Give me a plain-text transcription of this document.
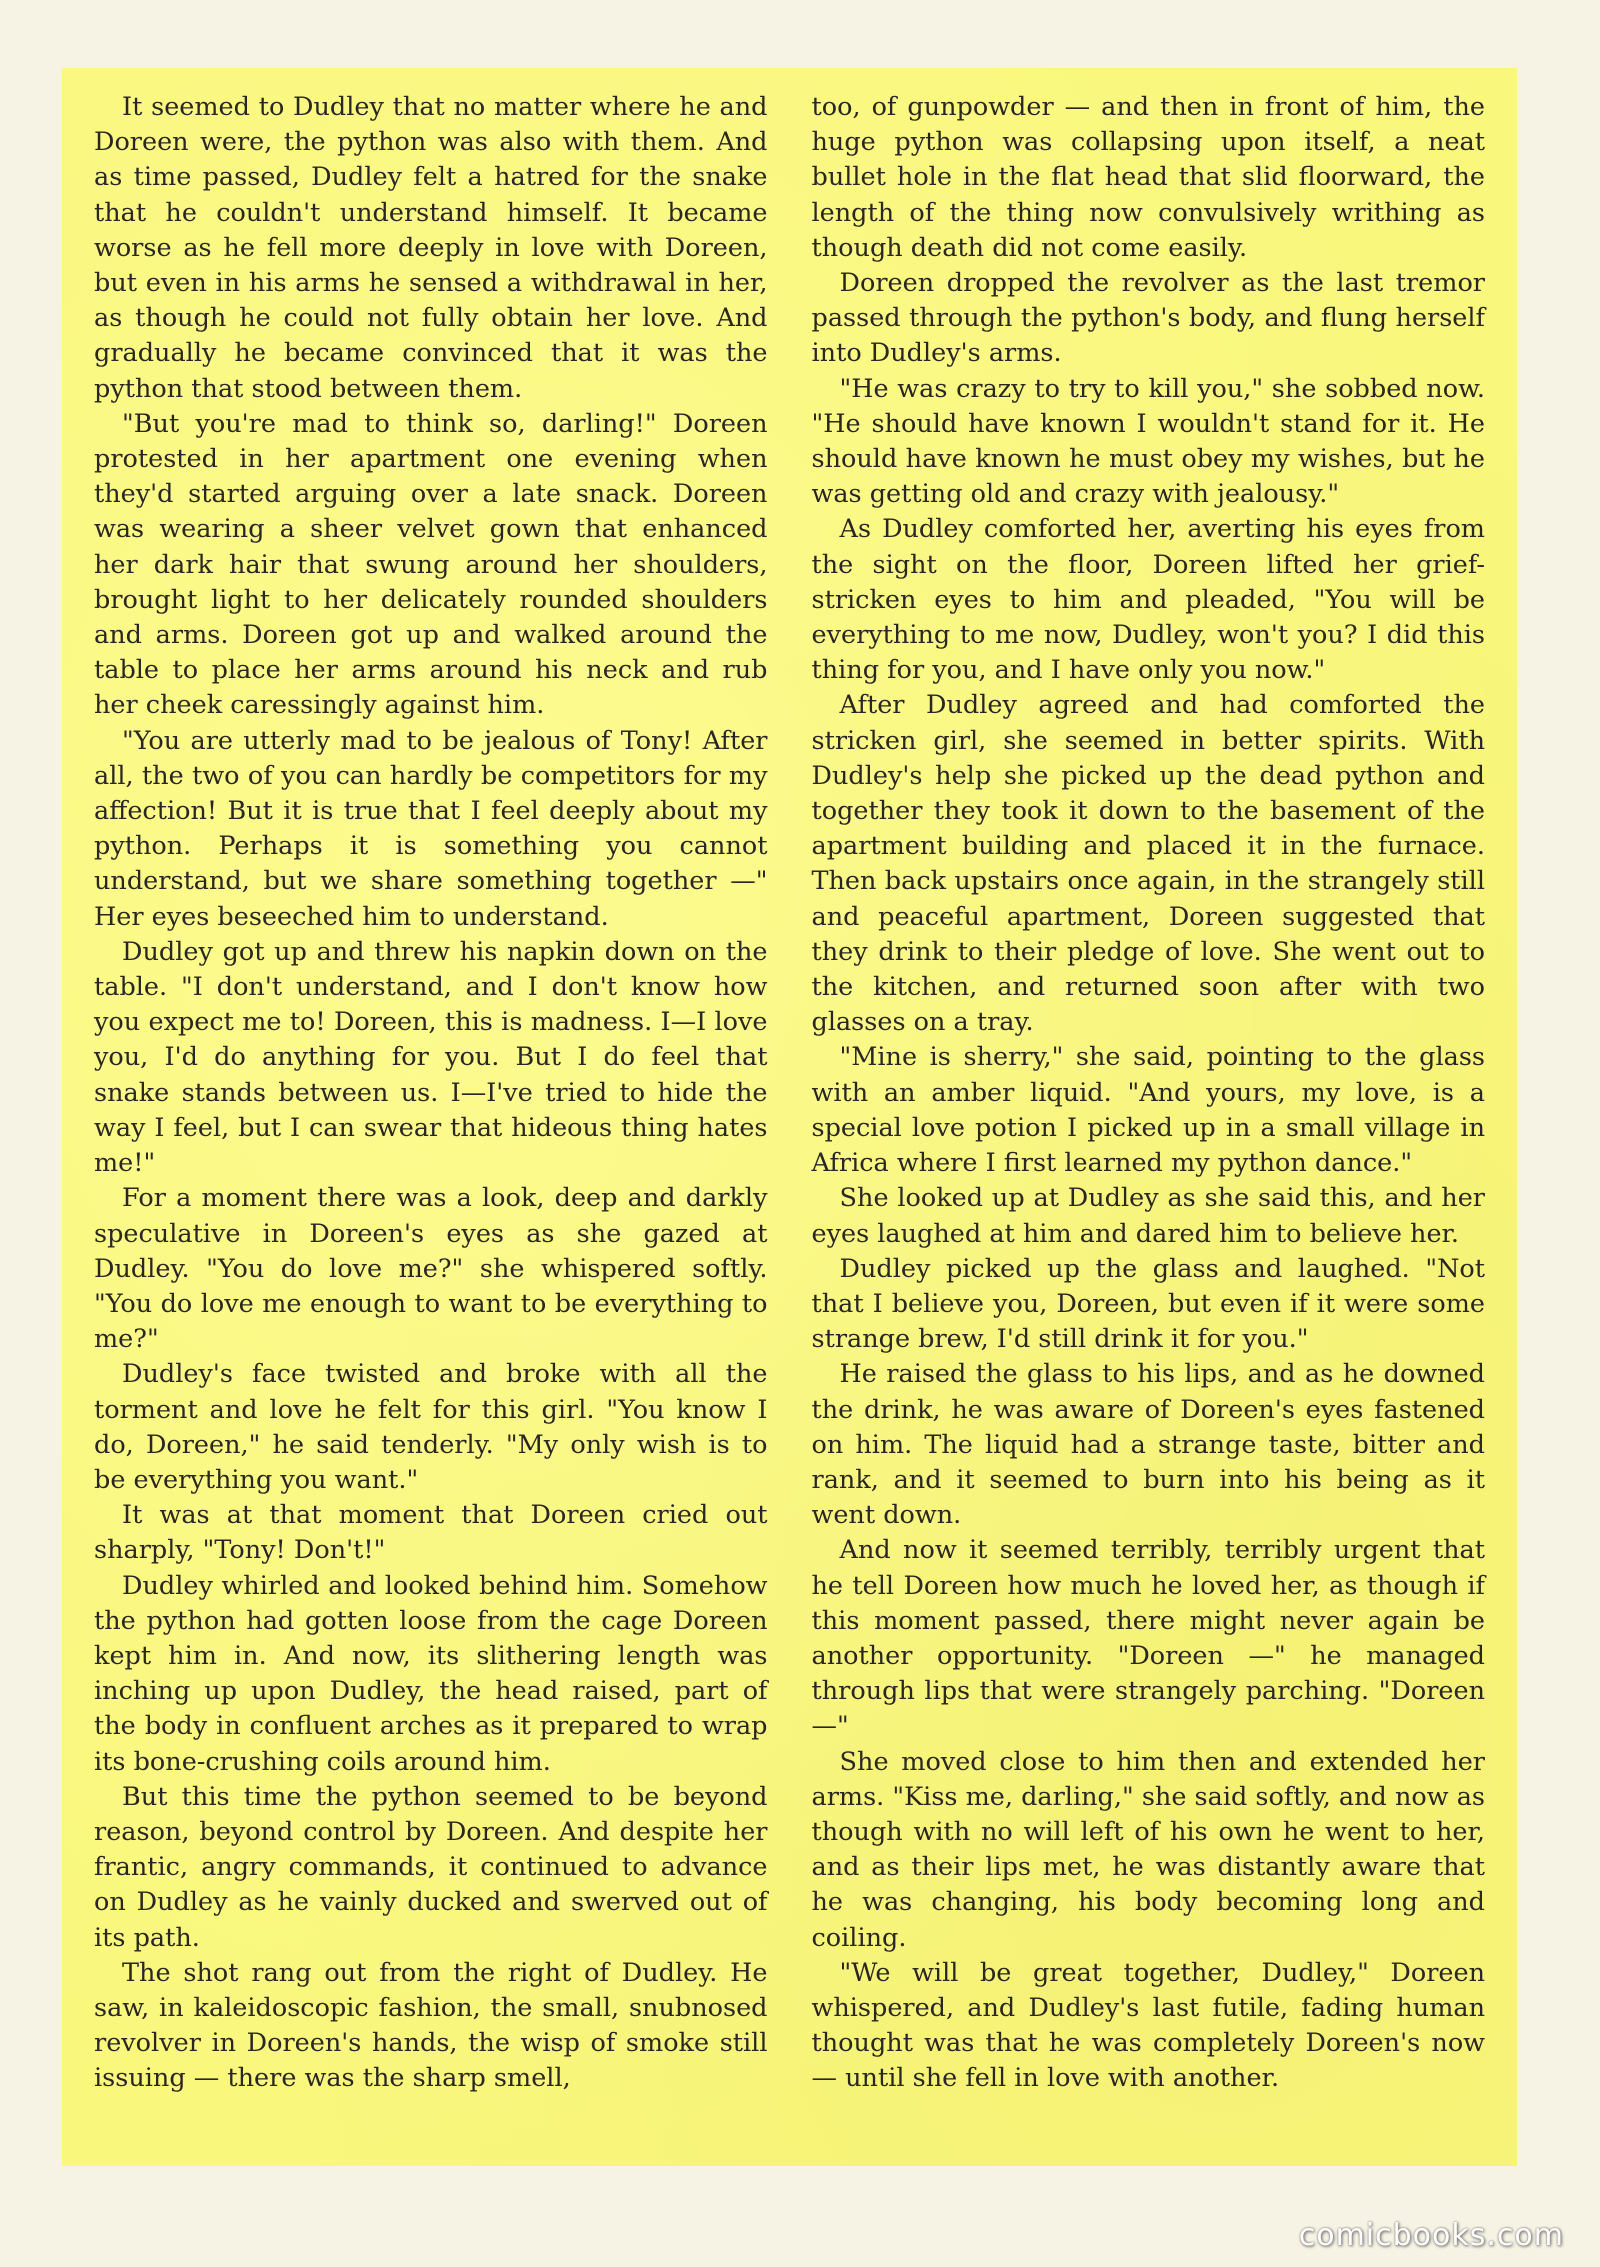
It seemed to Dudley that no matter where he and Doreen were, the python was also with them. And as time passed, Dudley felt a hatred for the snake that he couldn't understand himself. It became worse as he fell more deeply in love with Doreen, but even in his arms he sensed a withdrawal in her, as though he could not fully obtain her love. And gradually he became convinced that it was the python that stood between them.

"But you're mad to think so, darling!" Doreen protested in her apartment one evening when they'd started arguing over a late snack. Doreen was wearing a sheer velvet gown that enhanced her dark hair that swung around her shoulders, brought light to her delicately rounded shoulders and arms. Doreen got up and walked around the table to place her arms around his neck and rub her cheek caressingly against him.

"You are utterly mad to be jealous of Tony! After all, the two of you can hardly be competitors for my affection! But it is true that I feel deeply about my python. Perhaps it is something you cannot understand, but we share something together —" Her eyes beseeched him to understand.

Dudley got up and threw his napkin down on the table. "I don't understand, and I don't know how you expect me to! Doreen, this is madness. I—I love you, I'd do anything for you. But I do feel that snake stands between us. I—I've tried to hide the way I feel, but I can swear that hideous thing hates me!"

For a moment there was a look, deep and darkly speculative in Doreen's eyes as she gazed at Dudley. "You do love me?" she whispered softly. "You do love me enough to want to be everything to me?"

Dudley's face twisted and broke with all the torment and love he felt for this girl. "You know I do, Doreen," he said tenderly. "My only wish is to be everything you want."

It was at that moment that Doreen cried out sharply, "Tony! Don't!"

Dudley whirled and looked behind him. Somehow the python had gotten loose from the cage Doreen kept him in. And now, its slithering length was inching up upon Dudley, the head raised, part of the body in confluent arches as it prepared to wrap its bone-crushing coils around him.

But this time the python seemed to be beyond reason, beyond control by Doreen. And despite her frantic, angry commands, it continued to advance on Dudley as he vainly ducked and swerved out of its path.

The shot rang out from the right of Dudley. He saw, in kaleidoscopic fashion, the small, snubnosed revolver in Doreen's hands, the wisp of smoke still issuing — there was the sharp smell,

too, of gunpowder — and then in front of him, the huge python was collapsing upon itself, a neat bullet hole in the flat head that slid floorward, the length of the thing now convulsively writhing as though death did not come easily.

Doreen dropped the revolver as the last tremor passed through the python's body, and flung herself into Dudley's arms.

"He was crazy to try to kill you," she sobbed now. "He should have known I wouldn't stand for it. He should have known he must obey my wishes, but he was getting old and crazy with jealousy."

As Dudley comforted her, averting his eyes from the sight on the floor, Doreen lifted her grief-stricken eyes to him and pleaded, "You will be everything to me now, Dudley, won't you? I did this thing for you, and I have only you now."

After Dudley agreed and had comforted the stricken girl, she seemed in better spirits. With Dudley's help she picked up the dead python and together they took it down to the basement of the apartment building and placed it in the furnace. Then back upstairs once again, in the strangely still and peaceful apartment, Doreen suggested that they drink to their pledge of love. She went out to the kitchen, and returned soon after with two glasses on a tray.

"Mine is sherry," she said, pointing to the glass with an amber liquid. "And yours, my love, is a special love potion I picked up in a small village in Africa where I first learned my python dance."

She looked up at Dudley as she said this, and her eyes laughed at him and dared him to believe her.

Dudley picked up the glass and laughed. "Not that I believe you, Doreen, but even if it were some strange brew, I'd still drink it for you."

He raised the glass to his lips, and as he downed the drink, he was aware of Doreen's eyes fastened on him. The liquid had a strange taste, bitter and rank, and it seemed to burn into his being as it went down.

And now it seemed terribly, terribly urgent that he tell Doreen how much he loved her, as though if this moment passed, there might never again be another opportunity. "Doreen —" he managed through lips that were strangely parching. "Doreen —"

She moved close to him then and extended her arms. "Kiss me, darling," she said softly, and now as though with no will left of his own he went to her, and as their lips met, he was distantly aware that he was changing, his body becoming long and coiling.

"We will be great together, Dudley," Doreen whispered, and Dudley's last futile, fading human thought was that he was completely Doreen's now — until she fell in love with another.

comicbooks.com
